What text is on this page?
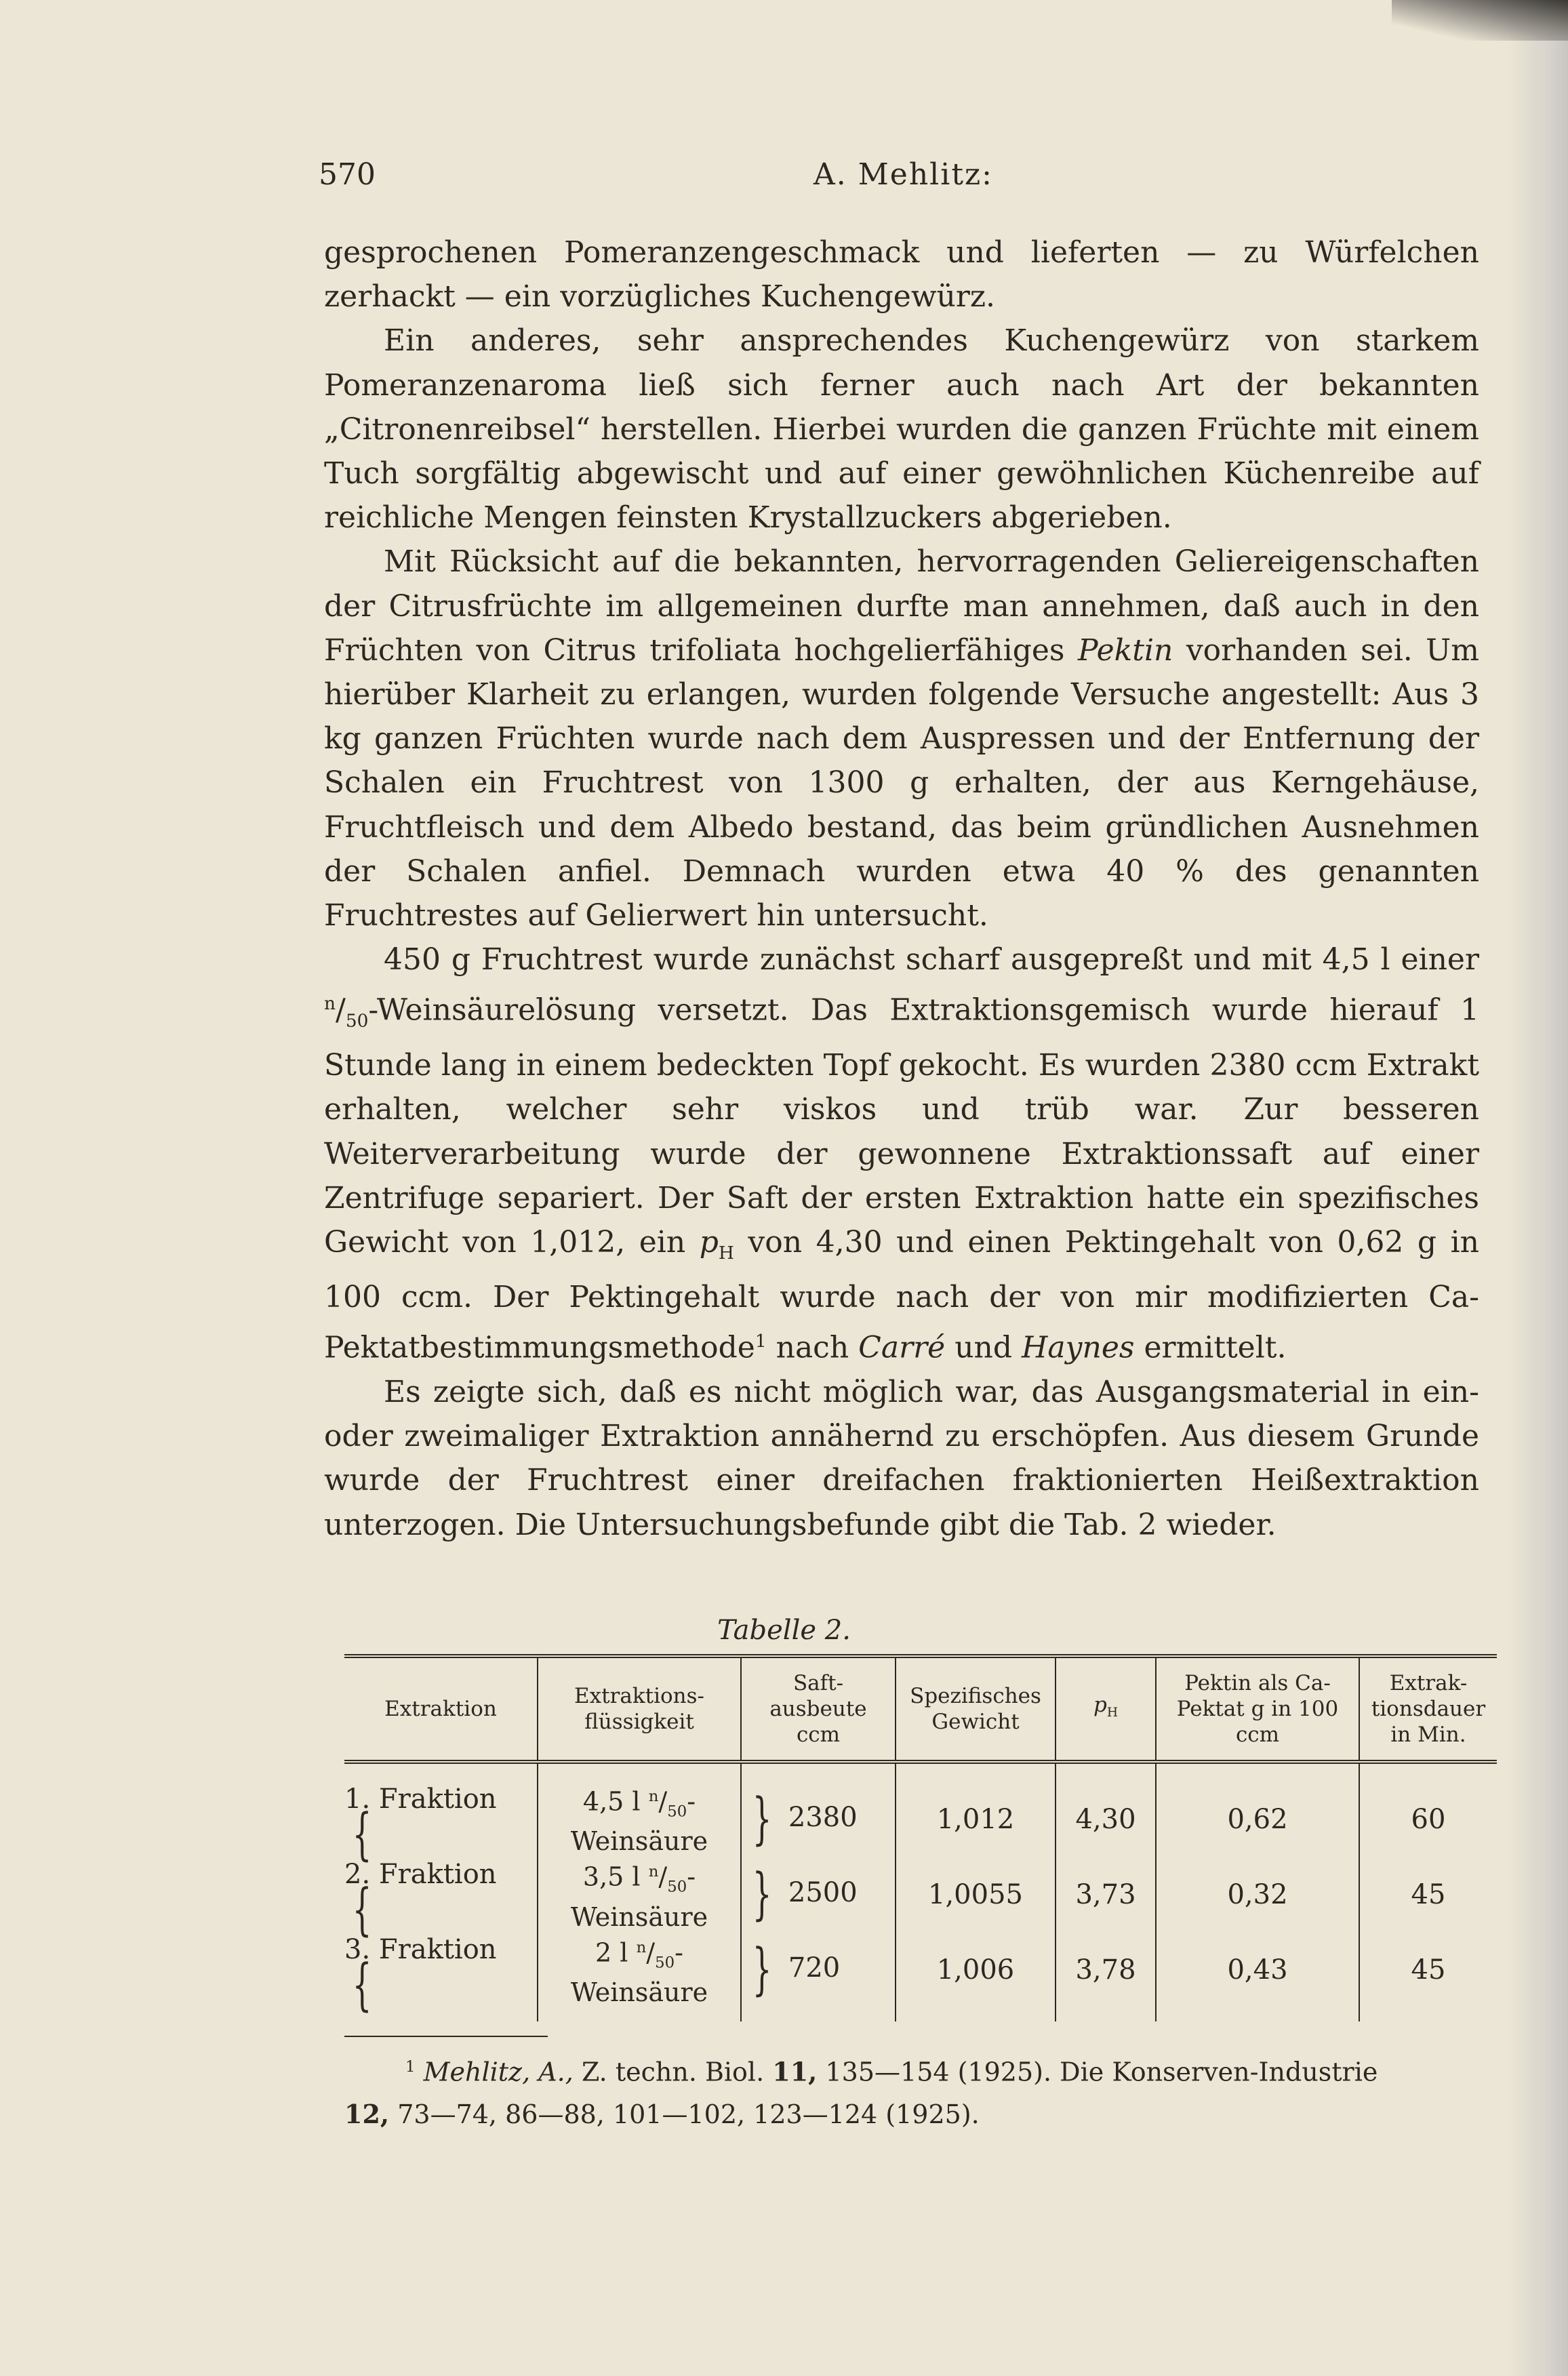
570	A. Mehlitz:

gesprochenen Pomeranzengeschmack und lieferten — zu Würfelchen zerhackt — ein vorzügliches Kuchengewürz.

Ein anderes, sehr ansprechendes Kuchengewürz von starkem Pomeranzenaroma ließ sich ferner auch nach Art der bekannten „Citronenreibsel“ herstellen. Hierbei wurden die ganzen Früchte mit einem Tuch sorgfältig abgewischt und auf einer gewöhnlichen Küchenreibe auf reichliche Mengen feinsten Krystallzuckers abgerieben.

Mit Rücksicht auf die bekannten, hervorragenden Geliereigenschaften der Citrusfrüchte im allgemeinen durfte man annehmen, daß auch in den Früchten von Citrus trifoliata hochgelierfähiges Pektin vorhanden sei. Um hierüber Klarheit zu erlangen, wurden folgende Versuche angestellt: Aus 3 kg ganzen Früchten wurde nach dem Auspressen und der Entfernung der Schalen ein Fruchtrest von 1300 g erhalten, der aus Kerngehäuse, Fruchtfleisch und dem Albedo bestand, das beim gründlichen Ausnehmen der Schalen anfiel. Demnach wurden etwa 40 % des genannten Fruchtrestes auf Gelierwert hin untersucht.

450 g Fruchtrest wurde zunächst scharf ausgepreßt und mit 4,5 l einer $^n/_{50}$-Weinsäurelösung versetzt. Das Extraktionsgemisch wurde hierauf 1 Stunde lang in einem bedeckten Topf gekocht. Es wurden 2380 ccm Extrakt erhalten, welcher sehr viskos und trüb war. Zur besseren Weiterverarbeitung wurde der gewonnene Extraktionssaft auf einer Zentrifuge separiert. Der Saft der ersten Extraktion hatte ein spezifisches Gewicht von 1,012, ein $p_H$ von 4,30 und einen Pektingehalt von 0,62 g in 100 ccm. Der Pektingehalt wurde nach der von mir modifizierten Ca-Pektatbestimmungsmethode$^1$ nach Carré und Haynes ermittelt.

Es zeigte sich, daß es nicht möglich war, das Ausgangsmaterial in ein- oder zweimaliger Extraktion annähernd zu erschöpfen. Aus diesem Grunde wurde der Fruchtrest einer dreifachen fraktionierten Heißextraktion unterzogen. Die Untersuchungsbefunde gibt die Tab. 2 wieder.

Tabelle 2.
Extraktion	Extraktions- flüssigkeit	Saft- ausbeute ccm	Spezifisches Gewicht	$p_H$	Pektin als Ca-Pektat g in 100 ccm	Extrak- tionsdauer in Min.
1. Fraktion {	4,5 l $^n/_{50}-$
Weinsäure	} 2380	1,012	4,30	0,62	60
2. Fraktion {	3,5 l $^n/_{50}-$
Weinsäure	} 2500	1,0055	3,73	0,32	45
3. Fraktion {	2 l $^n/_{50}-$
Weinsäure	} 720	1,006	3,78	0,43	45

$^1$ Mehlitz, A., Z. techn. Biol. 11, 135—154 (1925). Die Konserven-Industrie

12, 73—74, 86—88, 101—102, 123—124 (1925).
